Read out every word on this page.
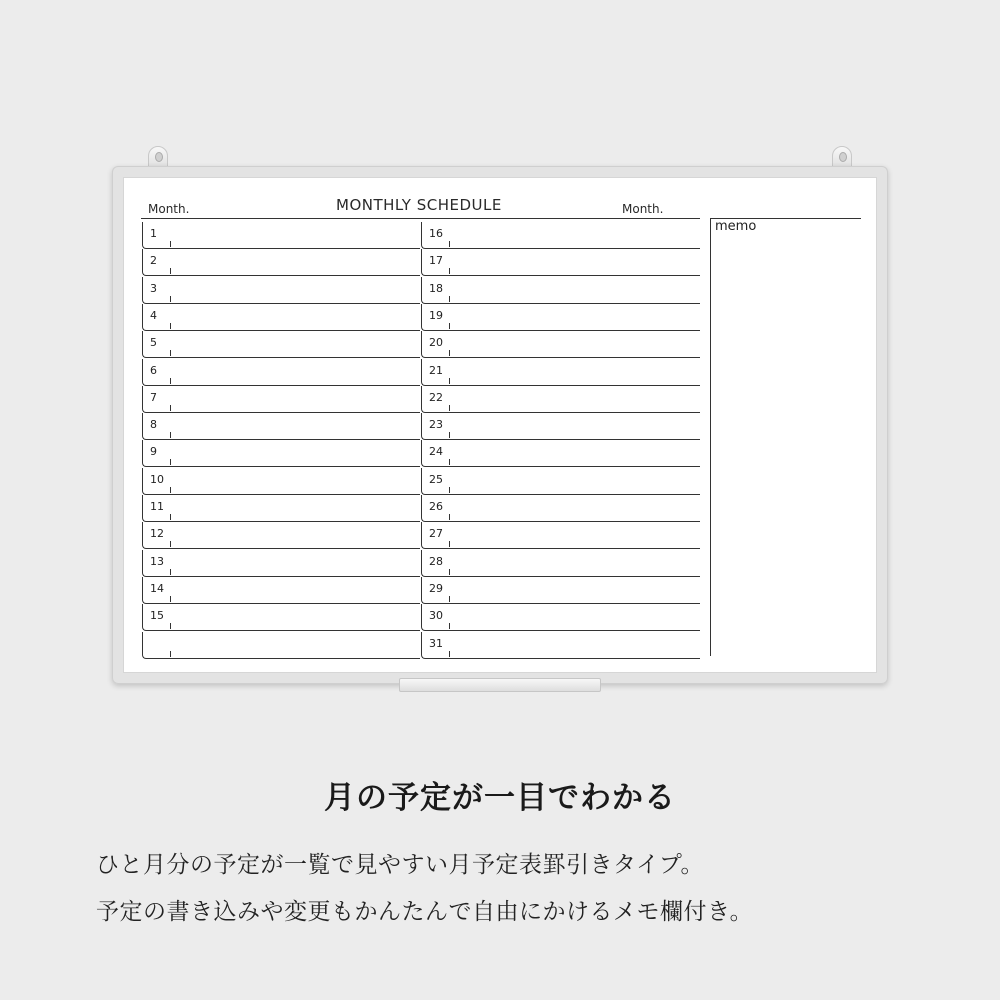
MONTHLY SCHEDULE
Month.	Month.
1
2
3
4
5
6
7
8
9
10
11
12
13
14
15
16
17
18
19
20
21
22
23
24
25
26
27
28
29
30
31
memo
月の予定が一目でわかる
ひと月分の予定が一覧で見やすい月予定表罫引きタイプ。
予定の書き込みや変更もかんたんで自由にかけるメモ欄付き。
